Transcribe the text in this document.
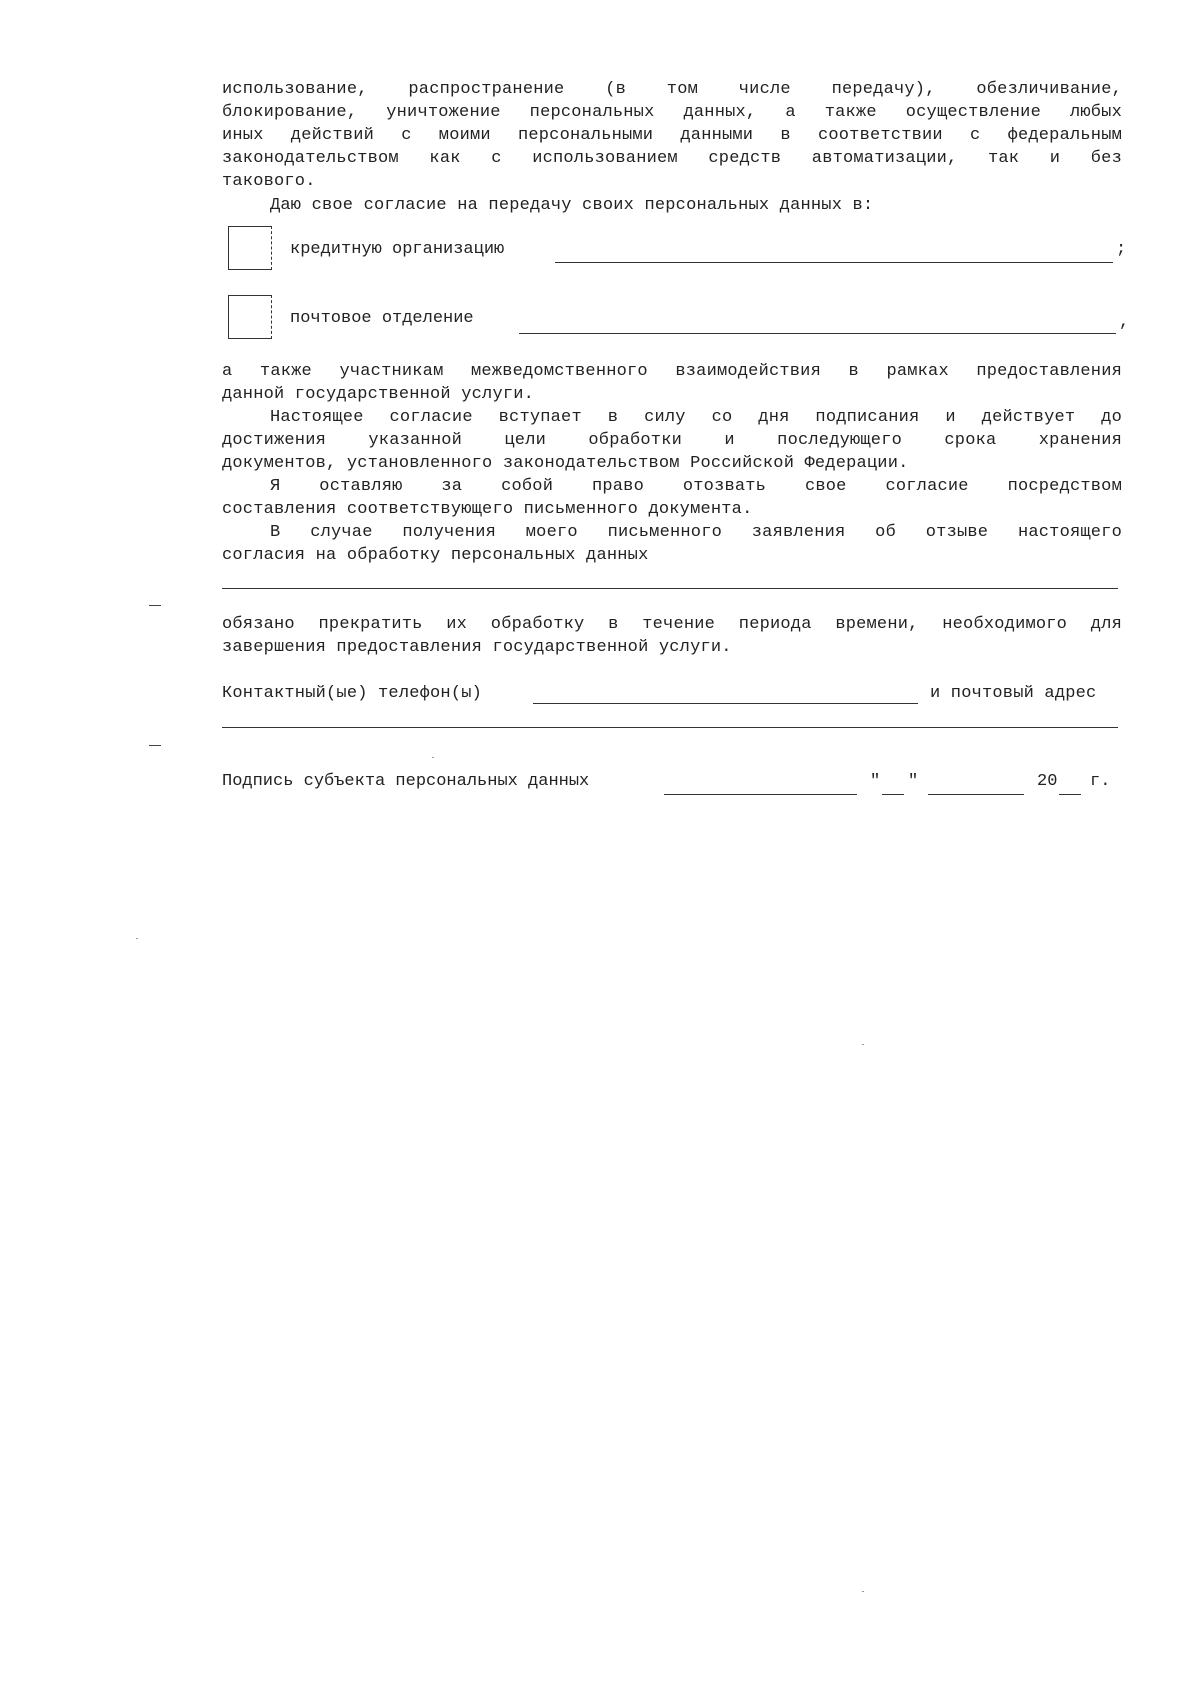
использование, распространение (в том числе передачу), обезличивание,
блокирование, уничтожение персональных данных, а также осуществление любых
иных действий с моими персональными данными в соответствии с федеральным
законодательством как с использованием средств автоматизации, так и без
такового.
Даю свое согласие на передачу своих персональных данных в:
кредитную организацию	;
почтовое отделение	,
а также участникам межведомственного взаимодействия в рамках предоставления
данной государственной услуги.
Настоящее согласие вступает в силу со дня подписания и действует до
достижения указанной цели обработки и последующего срока хранения
документов, установленного законодательством Российской Федерации.
Я оставляю за собой право отозвать свое согласие посредством
составления соответствующего письменного документа.
В случае получения моего письменного заявления об отзыве настоящего
согласия на обработку персональных данных
обязано прекратить их обработку в течение периода времени, необходимого для
завершения предоставления государственной услуги.
Контактный(ые) телефон(ы)	и почтовый адрес
Подпись субъекта персональных данных	" "	20 г.
